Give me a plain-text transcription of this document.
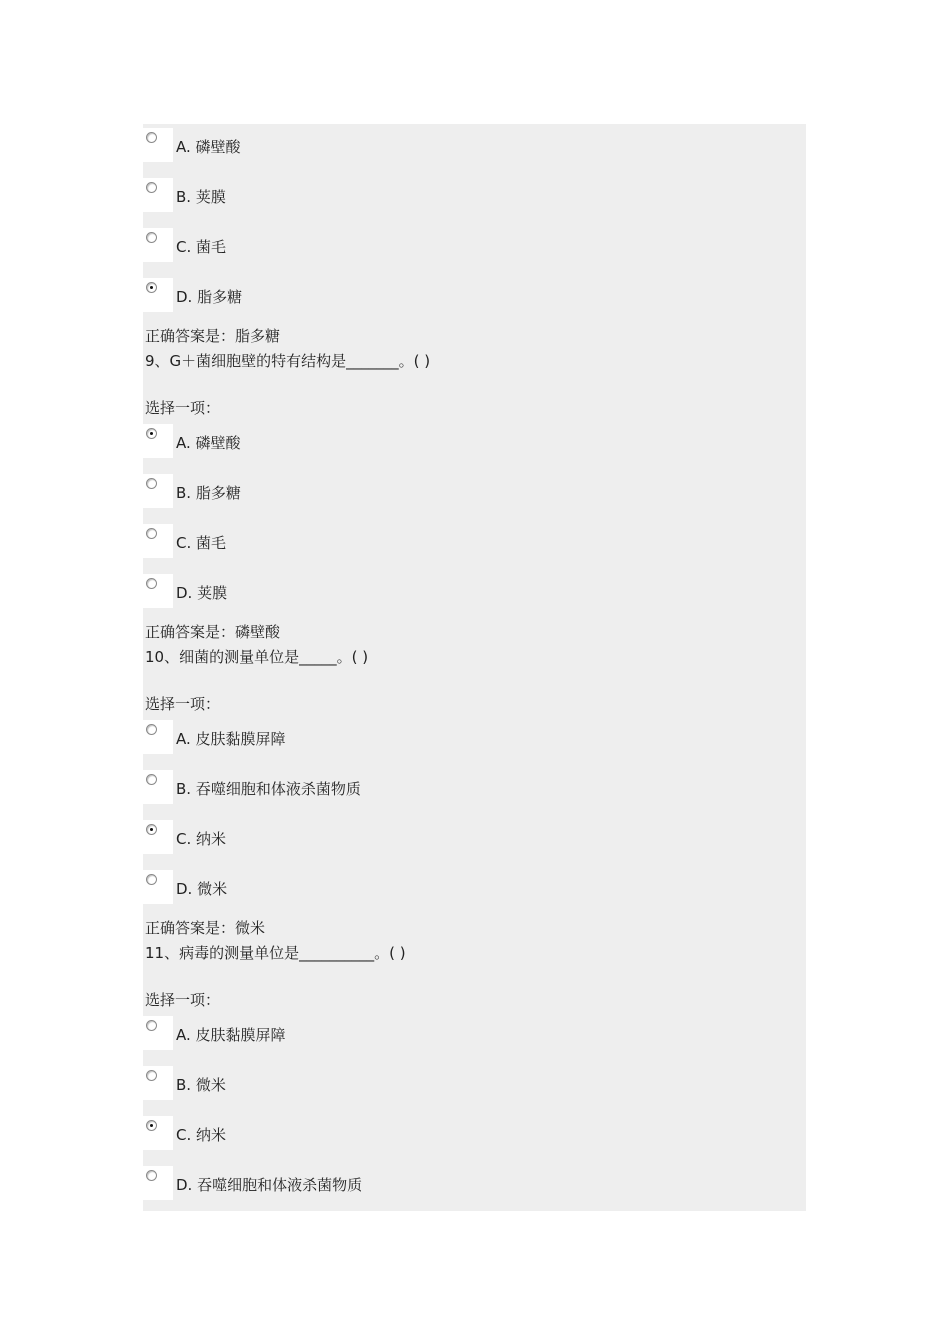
A. 磷壁酸
B. 荚膜
C. 菌毛
D. 脂多糖
正确答案是：脂多糖
9、G＋菌细胞壁的特有结构是_______。( )
选择一项：
A. 磷壁酸
B. 脂多糖
C. 菌毛
D. 荚膜
正确答案是：磷壁酸
10、细菌的测量单位是_____。( )
选择一项：
A. 皮肤黏膜屏障
B. 吞噬细胞和体液杀菌物质
C. 纳米
D. 微米
正确答案是：微米
11、病毒的测量单位是__________。( )
选择一项：
A. 皮肤黏膜屏障
B. 微米
C. 纳米
D. 吞噬细胞和体液杀菌物质
